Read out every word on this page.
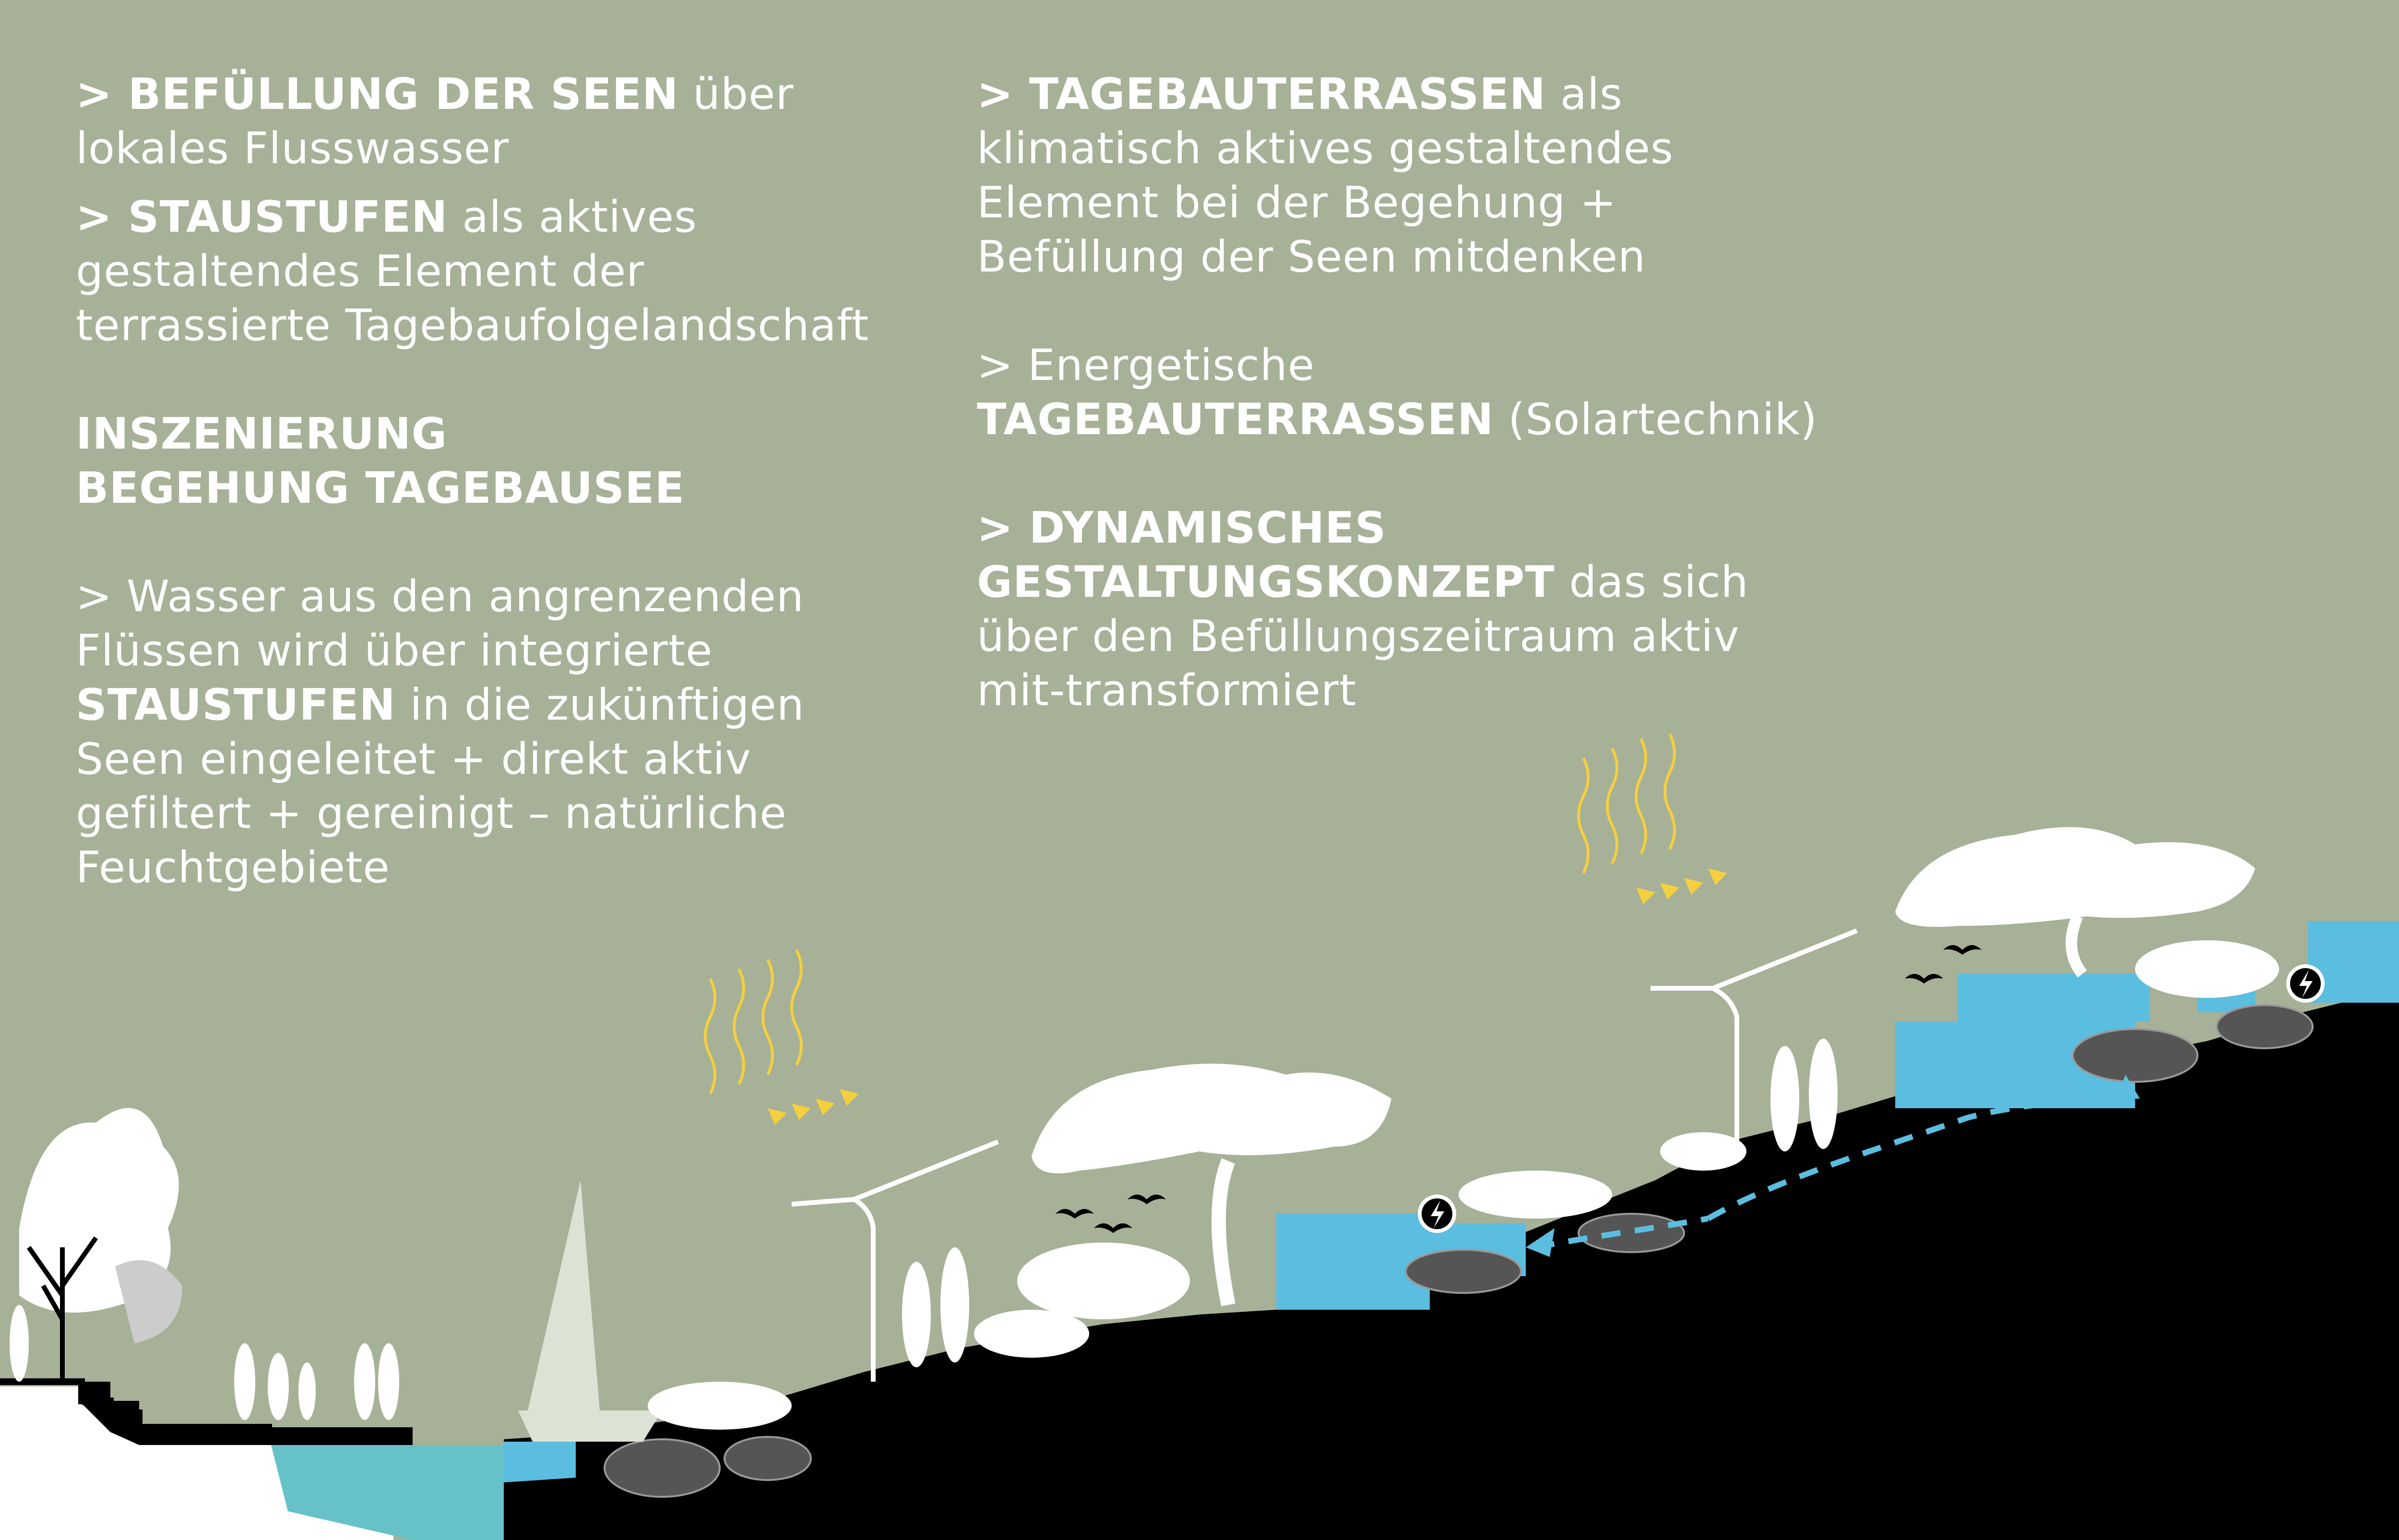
> BEFÜLLUNG DER SEEN über
lokales Flusswasser
> STAUSTUFEN als aktives
gestaltendes Element der
terrassierte Tagebaufolgelandschaft
INSZENIERUNG
BEGEHUNG TAGEBAUSEE
> Wasser aus den angrenzenden
Flüssen wird über integrierte
STAUSTUFEN in die zukünftigen
Seen eingeleitet + direkt aktiv
gefiltert + gereinigt – natürliche
Feuchtgebiete
> TAGEBAUTERRASSEN als
klimatisch aktives gestaltendes
Element bei der Begehung +
Befüllung der Seen mitdenken
> Energetische
TAGEBAUTERRASSEN (Solartechnik)
> DYNAMISCHES
GESTALTUNGSKONZEPT das sich
über den Befüllungszeitraum aktiv
mit-transformiert
